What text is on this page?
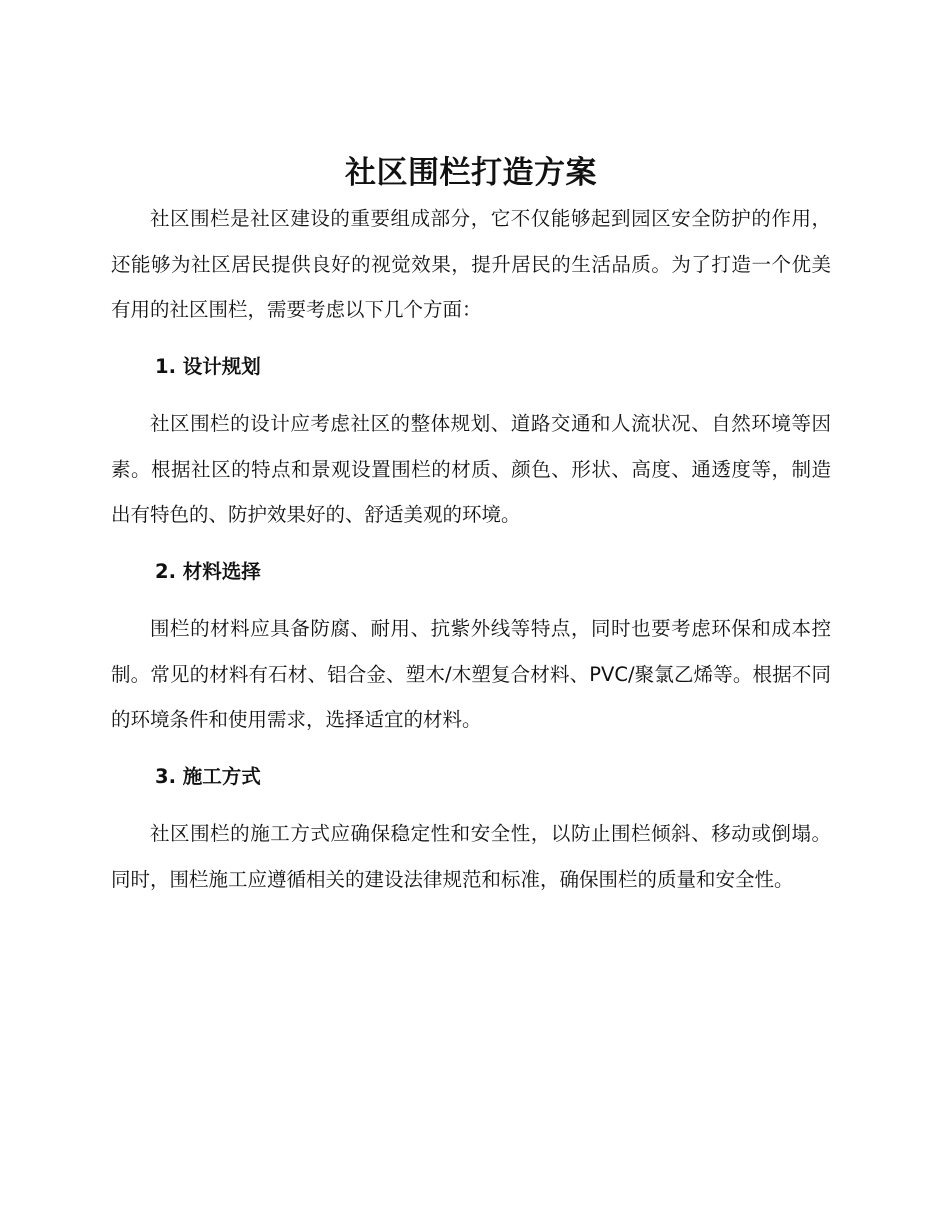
社区围栏打造方案

社区围栏是社区建设的重要组成部分，它不仅能够起到园区安全防护的作用，还能够为社区居民提供良好的视觉效果，提升居民的生活品质。为了打造一个优美有用的社区围栏，需要考虑以下几个方面：

1. 设计规划

社区围栏的设计应考虑社区的整体规划、道路交通和人流状况、自然环境等因素。根据社区的特点和景观设置围栏的材质、颜色、形状、高度、通透度等，制造出有特色的、防护效果好的、舒适美观的环境。

2. 材料选择

围栏的材料应具备防腐、耐用、抗紫外线等特点，同时也要考虑环保和成本控制。常见的材料有石材、铝合金、塑木/木塑复合材料、PVC/聚氯乙烯等。根据不同的环境条件和使用需求，选择适宜的材料。

3. 施工方式

社区围栏的施工方式应确保稳定性和安全性，以防止围栏倾斜、移动或倒塌。同时，围栏施工应遵循相关的建设法律规范和标准，确保围栏的质量和安全性。
